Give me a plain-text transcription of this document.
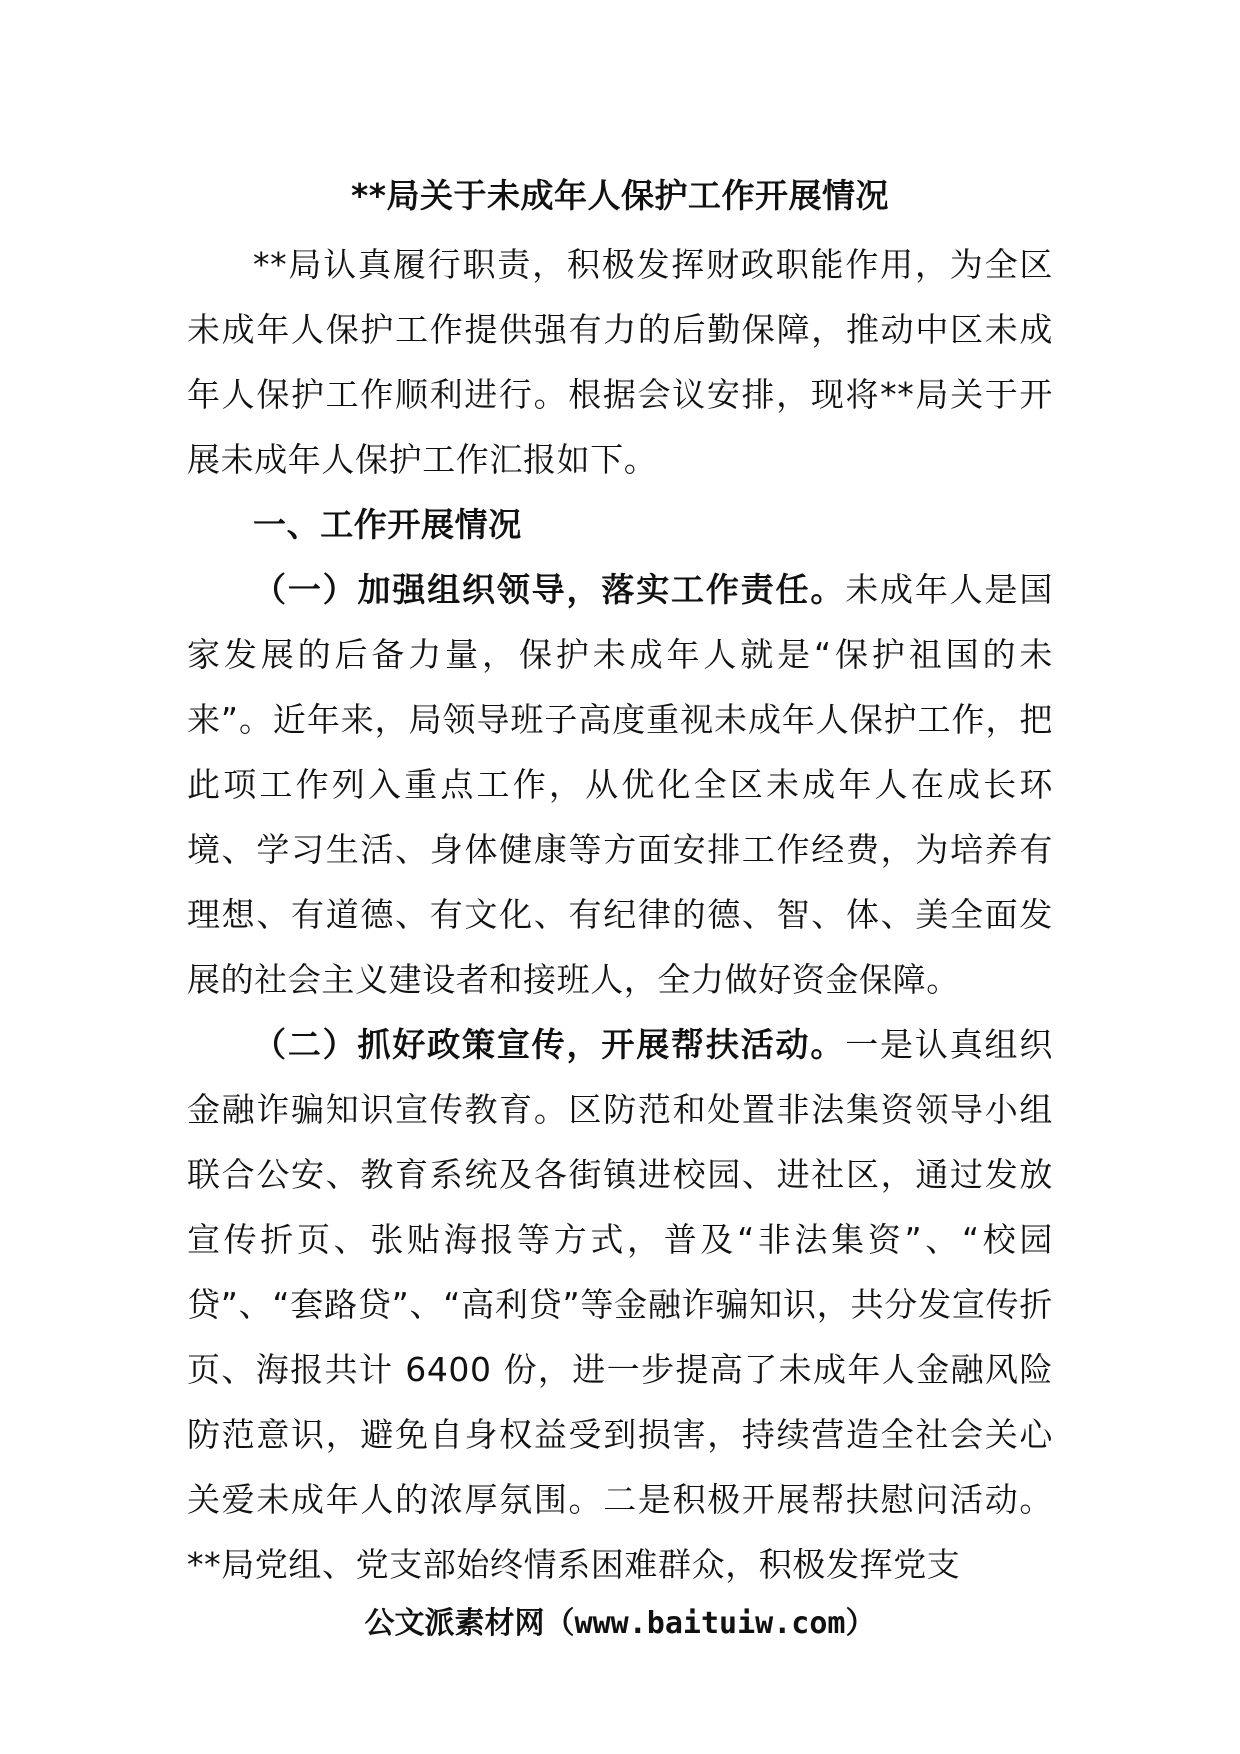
**局关于未成年人保护工作开展情况

**局认真履行职责，积极发挥财政职能作用，为全区未成年人保护工作提供强有力的后勤保障，推动中区未成年人保护工作顺利进行。根据会议安排，现将**局关于开展未成年人保护工作汇报如下。

一、工作开展情况

（一）加强组织领导，落实工作责任。未成年人是国家发展的后备力量，保护未成年人就是“保护祖国的未来”。近年来，局领导班子高度重视未成年人保护工作，把此项工作列入重点工作，从优化全区未成年人在成长环境、学习生活、身体健康等方面安排工作经费，为培养有理想、有道德、有文化、有纪律的德、智、体、美全面发展的社会主义建设者和接班人，全力做好资金保障。

（二）抓好政策宣传，开展帮扶活动。一是认真组织金融诈骗知识宣传教育。区防范和处置非法集资领导小组联合公安、教育系统及各街镇进校园、进社区，通过发放宣传折页、张贴海报等方式，普及“非法集资”、“校园贷”、“套路贷”、“高利贷”等金融诈骗知识，共分发宣传折页、海报共计 6400 份，进一步提高了未成年人金融风险防范意识，避免自身权益受到损害，持续营造全社会关心关爱未成年人的浓厚氛围。二是积极开展帮扶慰问活动。**局党组、党支部始终情系困难群众，积极发挥党支

公文派素材网（www.baituiw.com）
